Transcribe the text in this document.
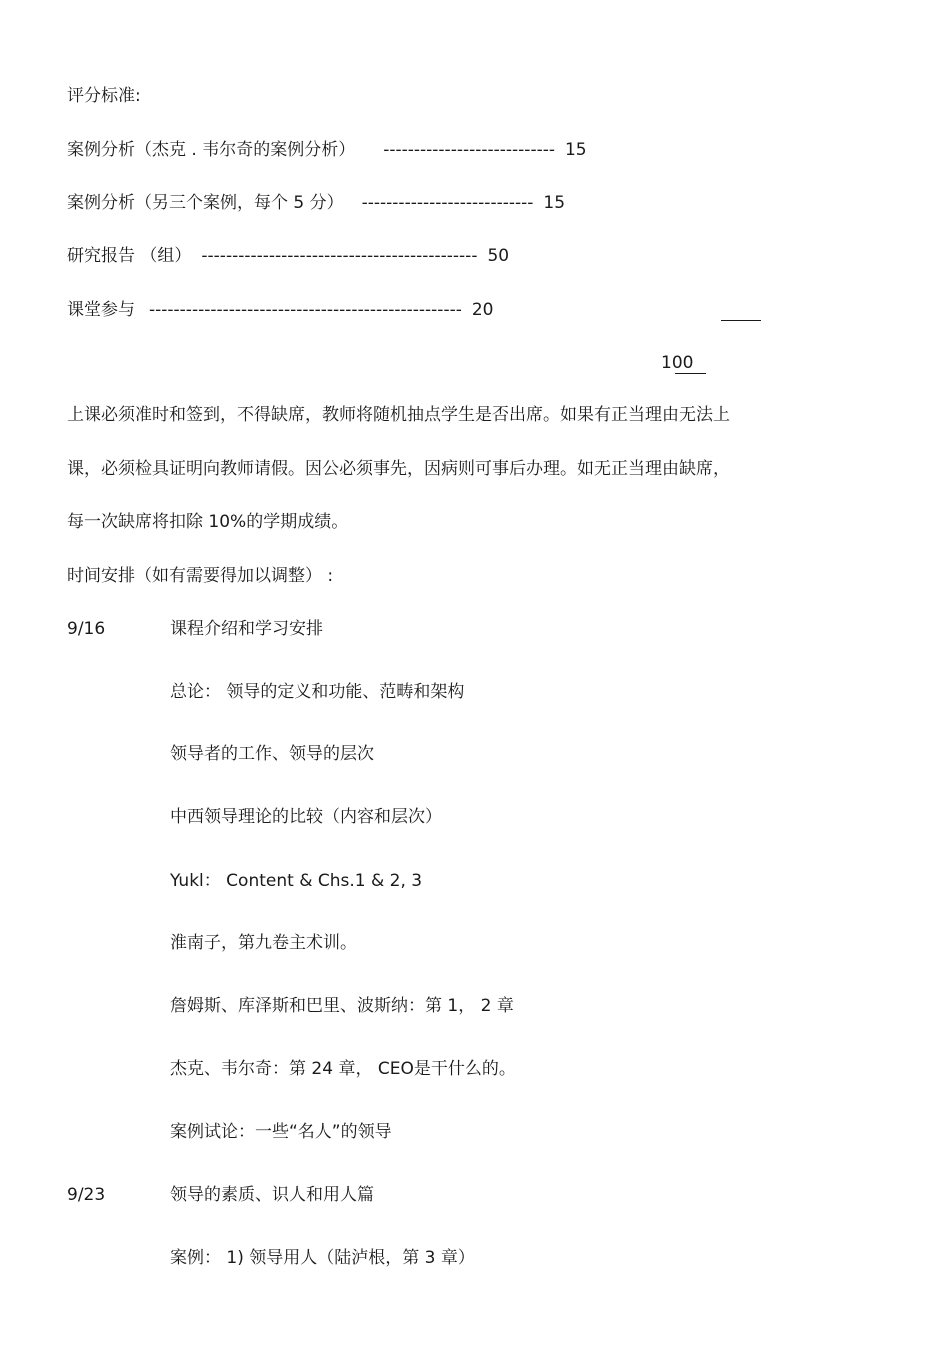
评分标准:
案例分析（杰克 . 韦尔奇的案例分析） ---------------------------- 15
案例分析（另三个案例，每个 5 分） ---------------------------- 15
研究报告 （组） --------------------------------------------- 50
课堂参与 --------------------------------------------------- 20
100
上课必须准时和签到，不得缺席，教师将随机抽点学生是否出席。如果有正当理由无法上
课，必须检具证明向教师请假。因公必须事先，因病则可事后办理。如无正当理由缺席，
每一次缺席将扣除 10%的学期成绩。
时间安排（如有需要得加以调整） :
9/16	课程介绍和学习安排
总论： 领导的定义和功能、范畴和架构
领导者的工作、领导的层次
中西领导理论的比较（内容和层次）
Yukl： Content & Chs.1 & 2, 3
淮南子，第九卷主术训。
詹姆斯、库泽斯和巴里、波斯纳：第 1， 2 章
杰克、韦尔奇：第 24 章， CEO是干什么的。
案例试论：一些“名人”的领导
9/23	领导的素质、识人和用人篇
案例： 1) 领导用人（陆泸根，第 3 章）
